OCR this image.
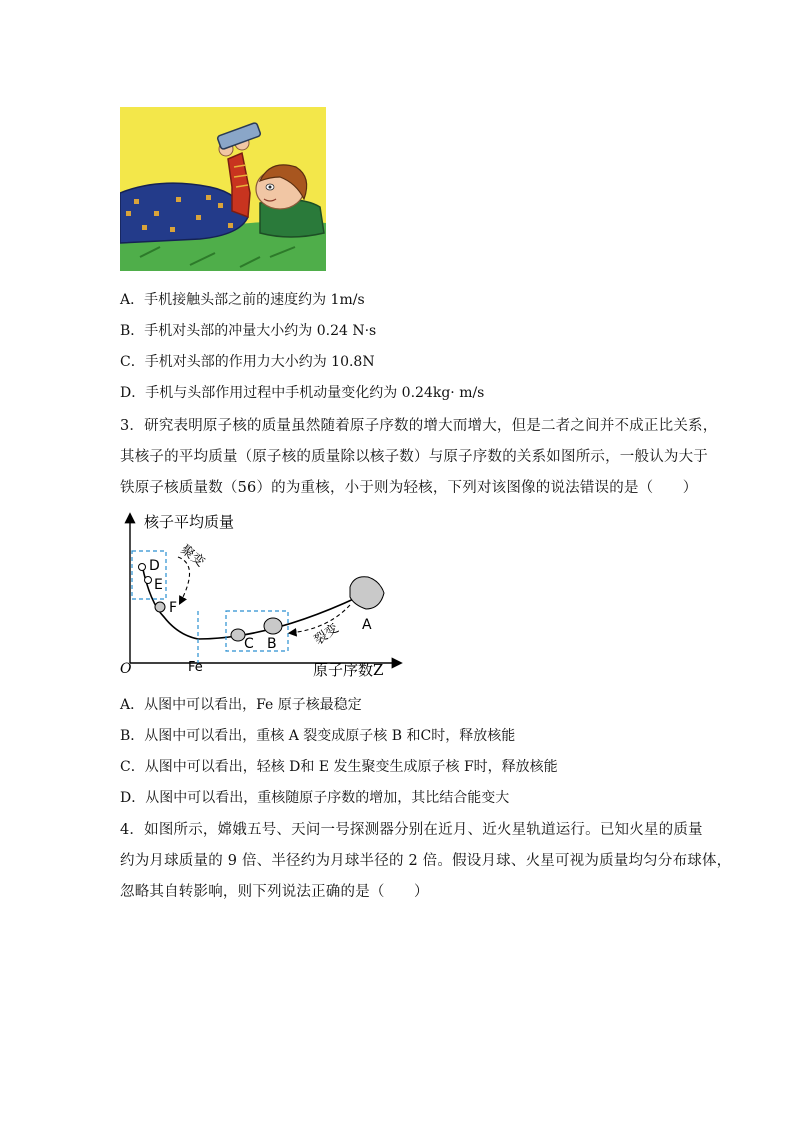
A．手机接触头部之前的速度约为 1m/s
B．手机对头部的冲量大小约为 0.24 N·s
C．手机对头部的作用力大小约为 10.8N
D．手机与头部作用过程中手机动量变化约为 0.24kg· m/s
3．研究表明原子核的质量虽然随着原子序数的增大而增大，但是二者之间并不成正比关系，
其核子的平均质量（原子核的质量除以核子数）与原子序数的关系如图所示，一般认为大于
铁原子核质量数（56）的为重核，小于则为轻核，下列对该图像的说法错误的是（　　）
核子平均质量
原子序数Z
O	Fe
D
E
F
C B
A
聚变
裂变
A．从图中可以看出，Fe 原子核最稳定
B．从图中可以看出，重核 A 裂变成原子核 B 和C时，释放核能
C．从图中可以看出，轻核 D和 E 发生聚变生成原子核 F时，释放核能
D．从图中可以看出，重核随原子序数的增加，其比结合能变大
4．如图所示，嫦娥五号、天问一号探测器分别在近月、近火星轨道运行。已知火星的质量
约为月球质量的 9 倍、半径约为月球半径的 2 倍。假设月球、火星可视为质量均匀分布球体，
忽略其自转影响，则下列说法正确的是（　　）
